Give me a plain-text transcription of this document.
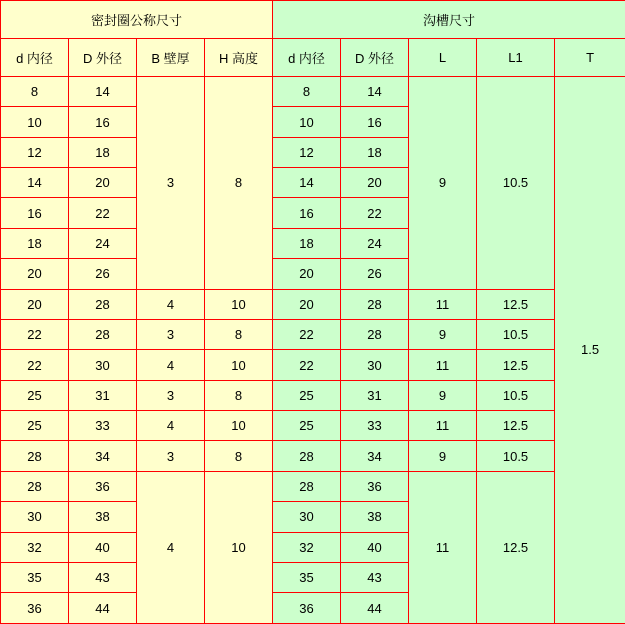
密封圈公称尺寸				沟槽尺寸				
d 内径	D 外径	B 壁厚	H 高度	d 内径	D 外径	L	L1	T
8	14	3	8	8	14	9	10.5	1.5
10	16			10	16			
12	18			12	18			
14	20			14	20			
16	22			16	22			
18	24			18	24			
20	26			20	26			
20	28	4	10	20	28	11	12.5	
22	28	3	8	22	28	9	10.5	
22	30	4	10	22	30	11	12.5	
25	31	3	8	25	31	9	10.5	
25	33	4	10	25	33	11	12.5	
28	34	3	8	28	34	9	10.5	
28	36	4	10	28	36	11	12.5	
30	38			30	38			
32	40			32	40			
35	43			35	43			
36	44			36	44			
